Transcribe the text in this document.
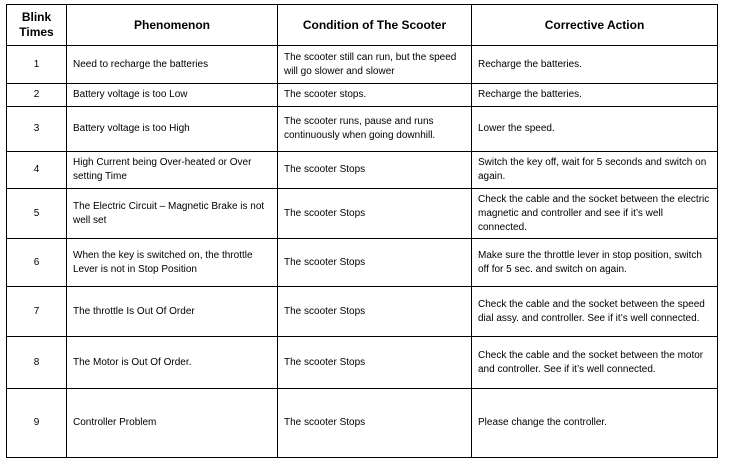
Blink Times	Phenomenon	Condition of The Scooter	Corrective Action
1	Need to recharge the batteries	The scooter still can run, but the speed will go slower and slower	Recharge the batteries.
2	Battery voltage is too Low	The scooter stops.	Recharge the batteries.
3	Battery voltage is too High	The scooter runs, pause and runs continuously when going downhill.	Lower the speed.
4	High Current being Over-heated or Over setting Time	The scooter Stops	Switch the key off, wait for 5 seconds and switch on again.
5	The Electric Circuit – Magnetic Brake is not well set	The scooter Stops	Check the cable and the socket between the electric magnetic and controller and see if it’s well connected.
6	When the key is switched on, the throttle Lever is not in Stop Position	The scooter Stops	Make sure the throttle lever in stop position, switch off for 5 sec. and switch on again.
7	The throttle Is Out Of Order	The scooter Stops	Check the cable and the socket between the speed dial assy. and controller. See if it’s well connected.
8	The Motor is Out Of Order.	The scooter Stops	Check the cable and the socket between the motor and controller. See if it’s well connected.
9	Controller Problem	The scooter Stops	Please change the controller.
